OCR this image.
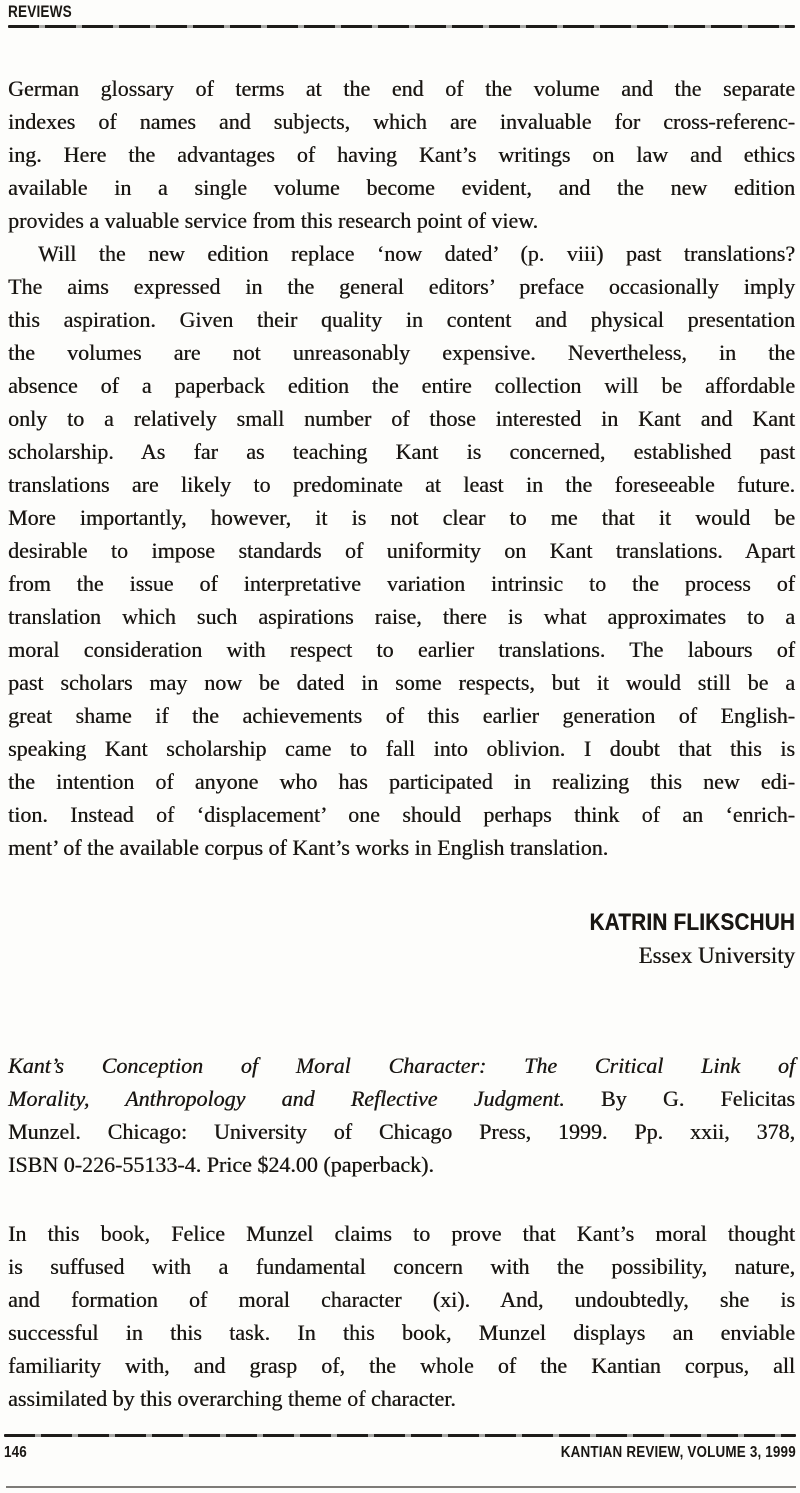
REVIEWS
German glossary of terms at the end of the volume and the separate
indexes of names and subjects, which are invaluable for cross-referenc-
ing. Here the advantages of having Kant’s writings on law and ethics
available in a single volume become evident, and the new edition
provides a valuable service from this research point of view.
Will the new edition replace ‘now dated’ (p. viii) past translations?
The aims expressed in the general editors’ preface occasionally imply
this aspiration. Given their quality in content and physical presentation
the volumes are not unreasonably expensive. Nevertheless, in the
absence of a paperback edition the entire collection will be affordable
only to a relatively small number of those interested in Kant and Kant
scholarship. As far as teaching Kant is concerned, established past
translations are likely to predominate at least in the foreseeable future.
More importantly, however, it is not clear to me that it would be
desirable to impose standards of uniformity on Kant translations. Apart
from the issue of interpretative variation intrinsic to the process of
translation which such aspirations raise, there is what approximates to a
moral consideration with respect to earlier translations. The labours of
past scholars may now be dated in some respects, but it would still be a
great shame if the achievements of this earlier generation of English-
speaking Kant scholarship came to fall into oblivion. I doubt that this is
the intention of anyone who has participated in realizing this new edi-
tion. Instead of ‘displacement’ one should perhaps think of an ‘enrich-
ment’ of the available corpus of Kant’s works in English translation.
KATRIN FLIKSCHUH
Essex University
Kant’s Conception of Moral Character: The Critical Link of
Morality, Anthropology and Reflective Judgment. By G. Felicitas
Munzel. Chicago: University of Chicago Press, 1999. Pp. xxii, 378,
ISBN 0-226-55133-4. Price $24.00 (paperback).
In this book, Felice Munzel claims to prove that Kant’s moral thought
is suffused with a fundamental concern with the possibility, nature,
and formation of moral character (xi). And, undoubtedly, she is
successful in this task. In this book, Munzel displays an enviable
familiarity with, and grasp of, the whole of the Kantian corpus, all
assimilated by this overarching theme of character.
146	KANTIAN REVIEW, VOLUME 3, 1999
